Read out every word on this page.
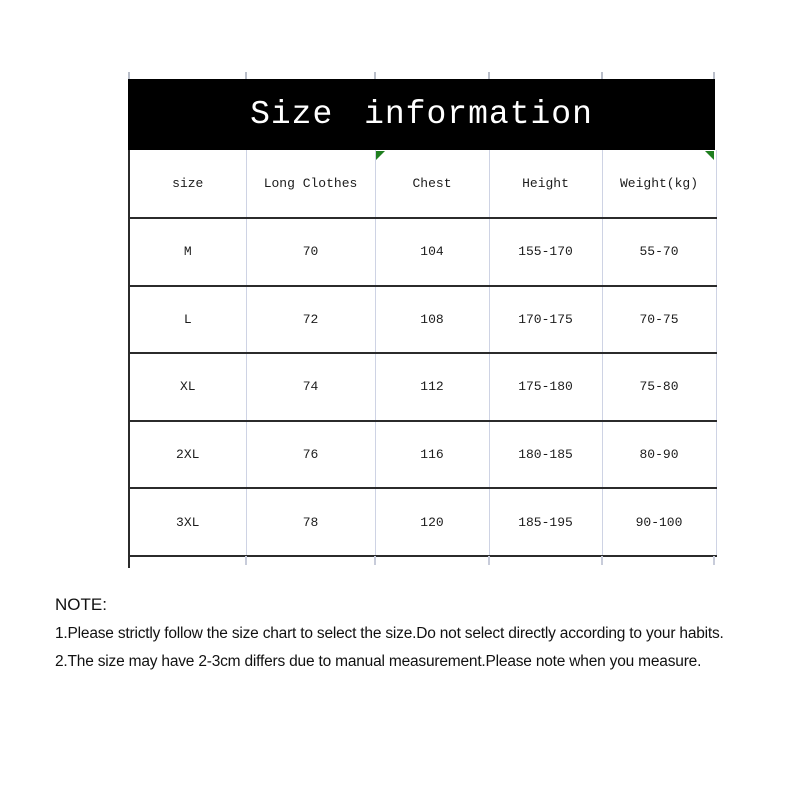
Size information
size	Long Clothes	Chest	Height	Weight(kg)
M	70	104	155-170	55-70
L	72	108	170-175	70-75
XL	74	112	175-180	75-80
2XL	76	116	180-185	80-90
3XL	78	120	185-195	90-100
NOTE:
1.Please strictly follow the size chart to select the size.Do not select directly according to your habits.
2.The size may have 2-3cm differs due to manual measurement.Please note when you measure.
